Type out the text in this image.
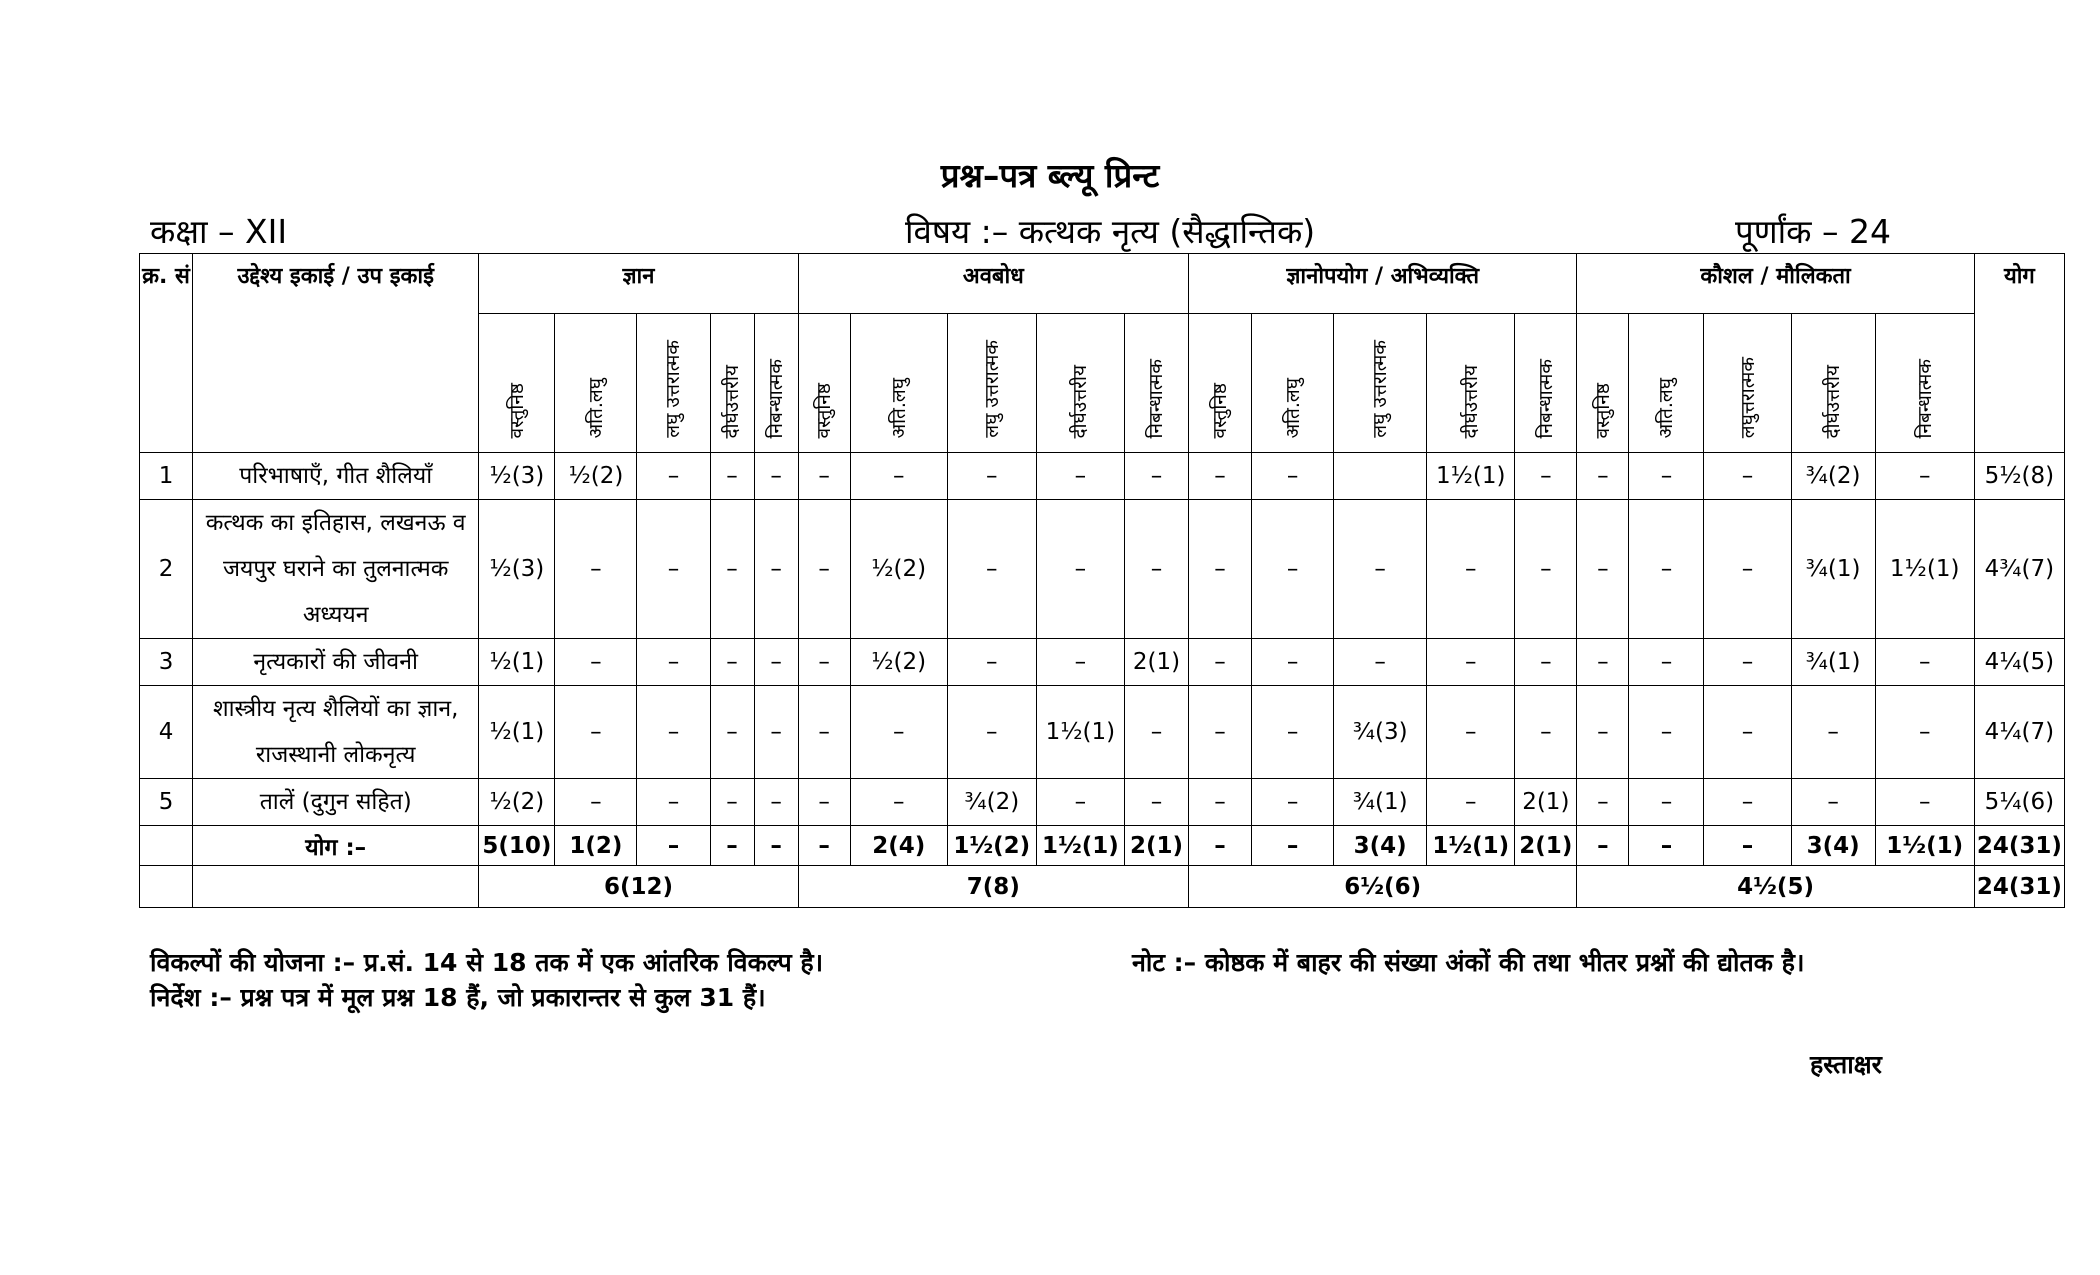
प्रश्न–पत्र ब्ल्यू प्रिन्ट
कक्षा – XII	विषय :– कत्थक नृत्य (सैद्धान्तिक)	पूर्णांक – 24
क्र. सं	उद्देश्य इकाई / उप इकाई	ज्ञान					अवबोध					ज्ञानोपयोग / अभिव्यक्ति					कौशल / मौलिकता					योग
		वस्तुनिष्ठ	अति.लघु	लघु उत्तरात्मक	दीर्घउत्तरीय	निबन्धात्मक	वस्तुनिष्ठ	अति.लघु	लघु उत्तरात्मक	दीर्घउत्तरीय	निबन्धात्मक	वस्तुनिष्ठ	अति.लघु	लघु उत्तरात्मक	दीर्घउत्तरीय	निबन्धात्मक	वस्तुनिष्ठ	अति.लघु	लघुत्तरात्मक	दीर्घउत्तरीय	निबन्धात्मक	
1	परिभाषाएँ, गीत शैलियाँ	½(3)	½(2)	–	–	–	–	–	–	–	–	–	–		1½(1)	–	–	–	–	¾(2)	–	5½(8)
2	कत्थक का इतिहास, लखनऊ व जयपुर घराने का तुलनात्मक अध्ययन	½(3)	–	–	–	–	–	½(2)	–	–	–	–	–	–	–	–	–	–	–	¾(1)	1½(1)	4¾(7)
3	नृत्यकारों की जीवनी	½(1)	–	–	–	–	–	½(2)	–	–	2(1)	–	–	–	–	–	–	–	–	¾(1)	–	4¼(5)
4	शास्त्रीय नृत्य शैलियों का ज्ञान, राजस्थानी लोकनृत्य	½(1)	–	–	–	–	–	–	–	1½(1)	–	–	–	¾(3)	–	–	–	–	–	–	–	4¼(7)
5	तालें (दुगुन सहित)	½(2)	–	–	–	–	–	–	¾(2)	–	–	–	–	¾(1)	–	2(1)	–	–	–	–	–	5¼(6)
	योग :–	5(10)	1(2)	–	–	–	–	2(4)	1½(2)	1½(1)	2(1)	–	–	3(4)	1½(1)	2(1)	–	–	–	3(4)	1½(1)	24(31)
		6(12)					7(8)					6½(6)					4½(5)					24(31)
विकल्पों की योजना :– प्र.सं. 14 से 18 तक में एक आंतरिक विकल्प है।
निर्देश :– प्रश्न पत्र में मूल प्रश्न 18 हैं, जो प्रकारान्तर से कुल 31 हैं।
नोट :– कोष्ठक में बाहर की संख्या अंकों की तथा भीतर प्रश्नों की द्योतक है।
हस्ताक्षर
